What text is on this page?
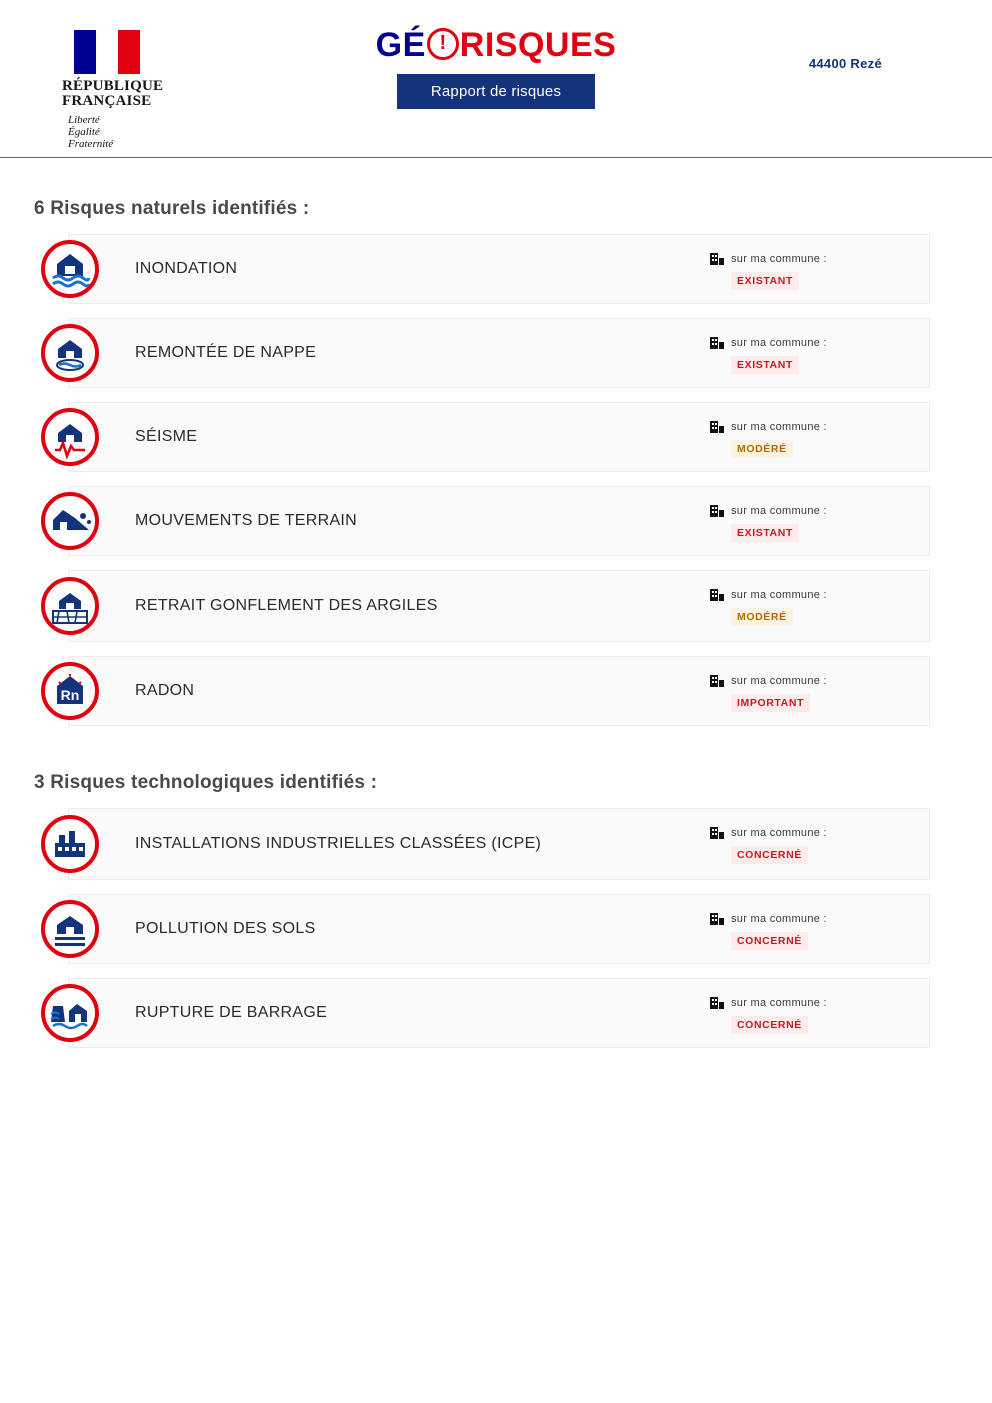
RÉPUBLIQUE
FRANÇAISE
Liberté
Égalité
Fraternité
GÉ ! RISQUES
Rapport de risques
44400 Rezé
6 Risques naturels identifiés :
INONDATION
sur ma commune :
EXISTANT
REMONTÉE DE NAPPE
sur ma commune :
EXISTANT
SÉISME
sur ma commune :
MODÉRÉ
MOUVEMENTS DE TERRAIN
sur ma commune :
EXISTANT
RETRAIT GONFLEMENT DES ARGILES
sur ma commune :
MODÉRÉ
Rn	RADON
sur ma commune :
IMPORTANT
3 Risques technologiques identifiés :
INSTALLATIONS INDUSTRIELLES CLASSÉES (ICPE)
sur ma commune :
CONCERNÉ
POLLUTION DES SOLS
sur ma commune :
CONCERNÉ
RUPTURE DE BARRAGE
sur ma commune :
CONCERNÉ
